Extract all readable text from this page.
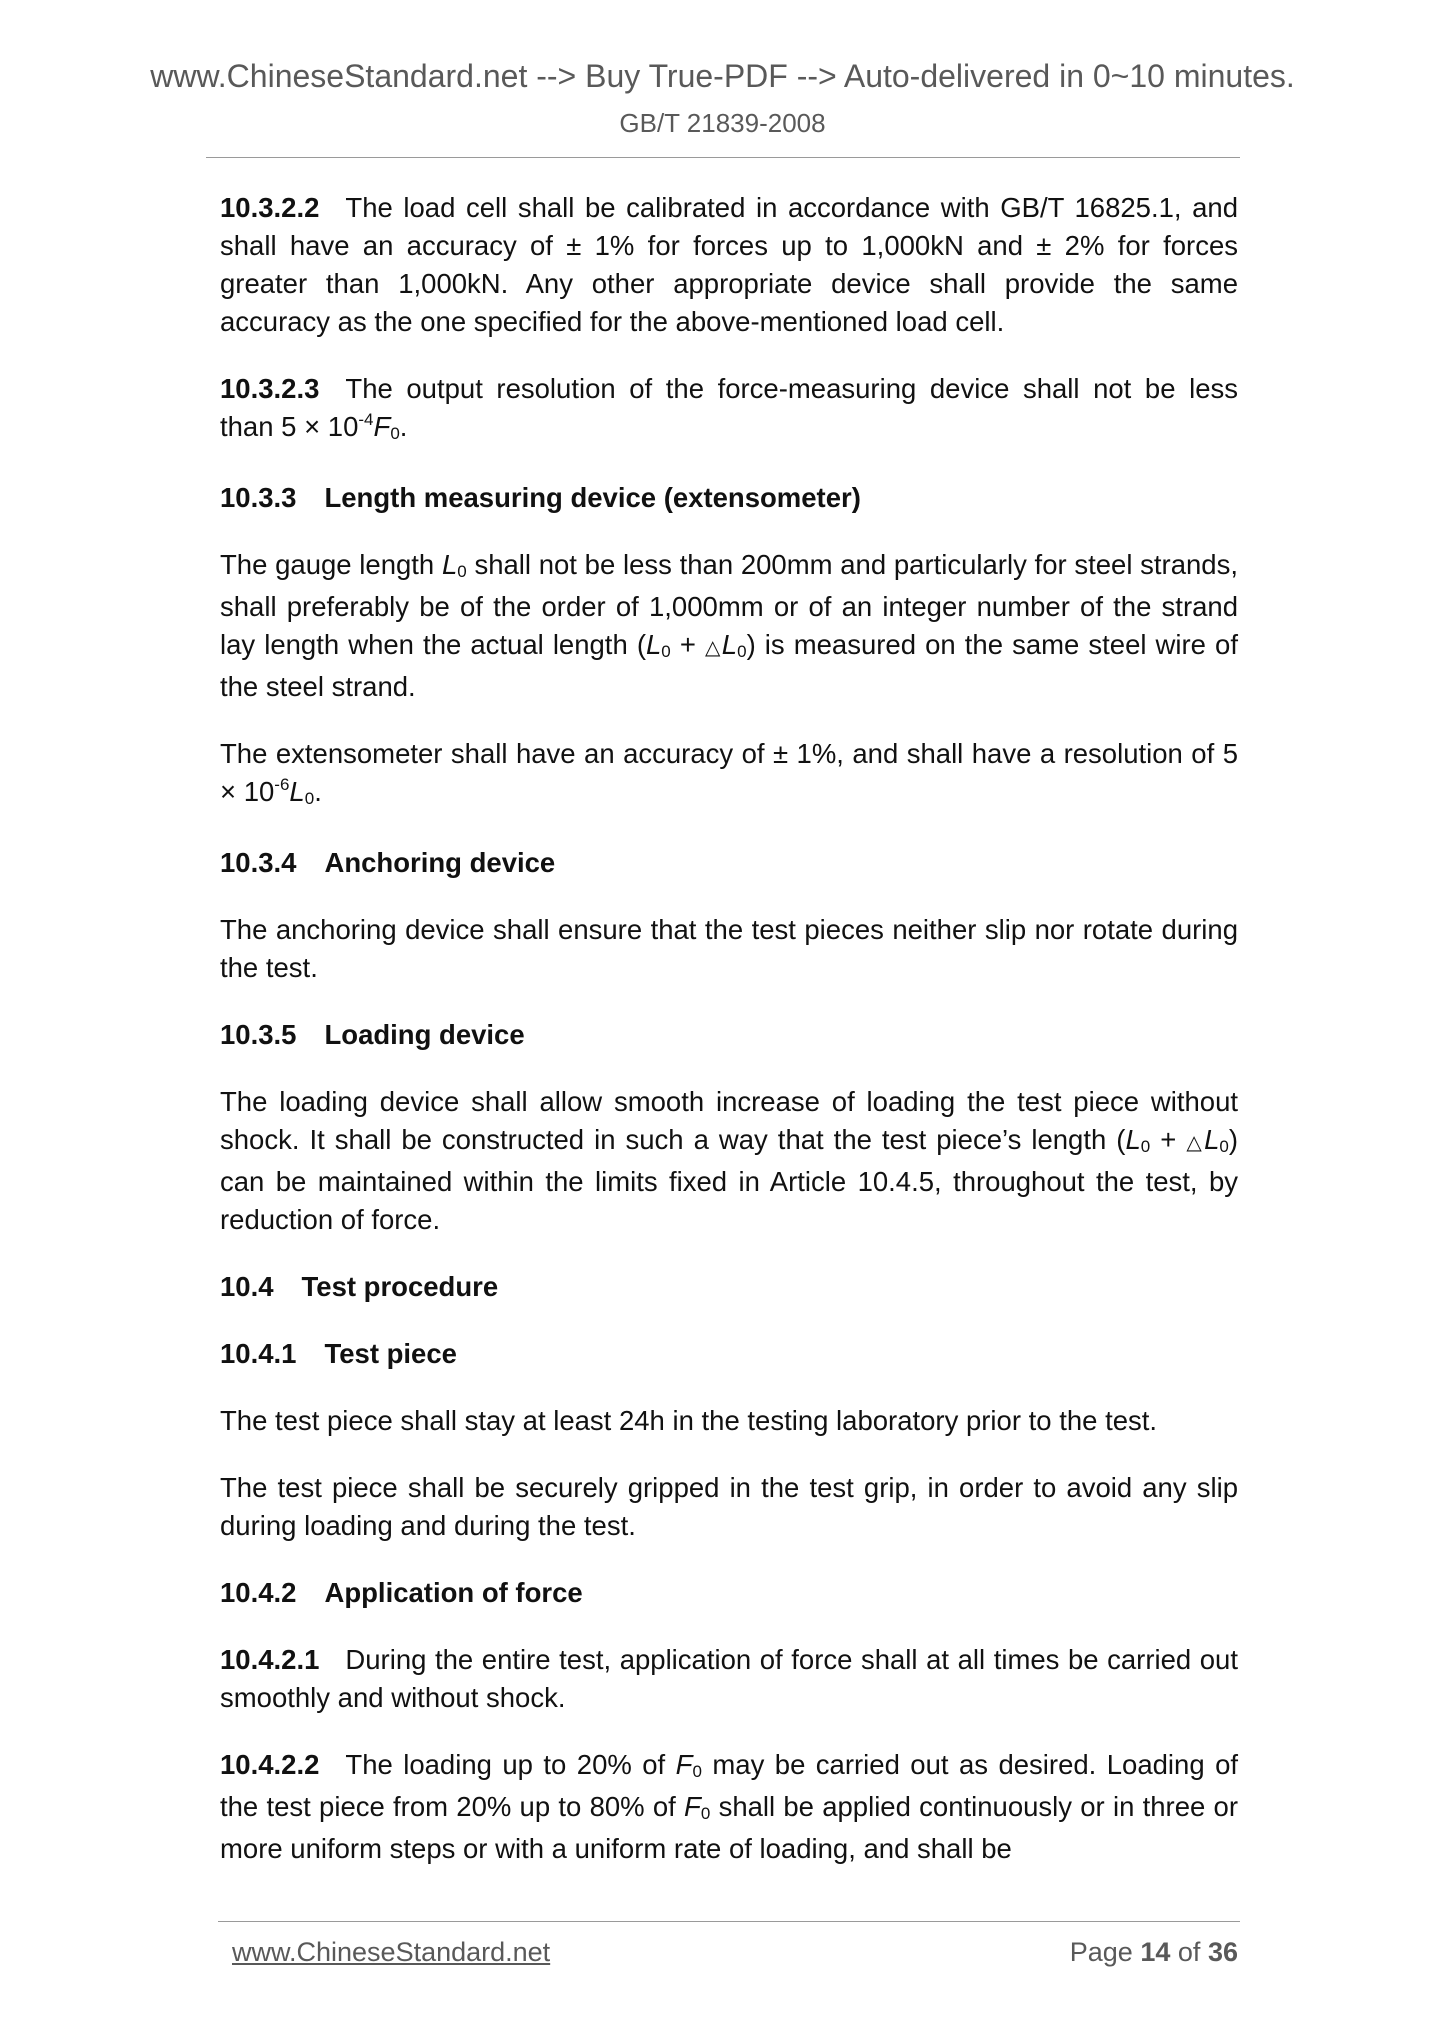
www.ChineseStandard.net --> Buy True-PDF --> Auto-delivered in 0~10 minutes.
GB/T 21839-2008

10.3.2.2 The load cell shall be calibrated in accordance with GB/T 16825.1, and shall have an accuracy of ± 1% for forces up to 1,000kN and ± 2% for forces greater than 1,000kN. Any other appropriate device shall provide the same accuracy as the one specified for the above-mentioned load cell.

10.3.2.3 The output resolution of the force-measuring device shall not be less than $5 \times 10^{-4}F0$.

10.3.3 Length measuring device (extensometer)

The gauge length L0 shall not be less than 200mm and particularly for steel strands, shall preferably be of the order of 1,000mm or of an integer number of the strand lay length when the actual length (L0 + △L0) is measured on the same steel wire of the steel strand.

The extensometer shall have an accuracy of ± 1%, and shall have a resolution of $5 \times 10^{-6}L0$.

10.3.4 Anchoring device

The anchoring device shall ensure that the test pieces neither slip nor rotate during the test.

10.3.5 Loading device

The loading device shall allow smooth increase of loading the test piece without shock. It shall be constructed in such a way that the test piece’s length (L0 + △L0) can be maintained within the limits fixed in Article 10.4.5, throughout the test, by reduction of force.

10.4 Test procedure

10.4.1 Test piece

The test piece shall stay at least 24h in the testing laboratory prior to the test.

The test piece shall be securely gripped in the test grip, in order to avoid any slip during loading and during the test.

10.4.2 Application of force

10.4.2.1 During the entire test, application of force shall at all times be carried out smoothly and without shock.

10.4.2.2 The loading up to 20% of F0 may be carried out as desired. Loading of the test piece from 20% up to 80% of F0 shall be applied continuously or in three or more uniform steps or with a uniform rate of loading, and shall be

www.ChineseStandard.net	Page 14 of 36
